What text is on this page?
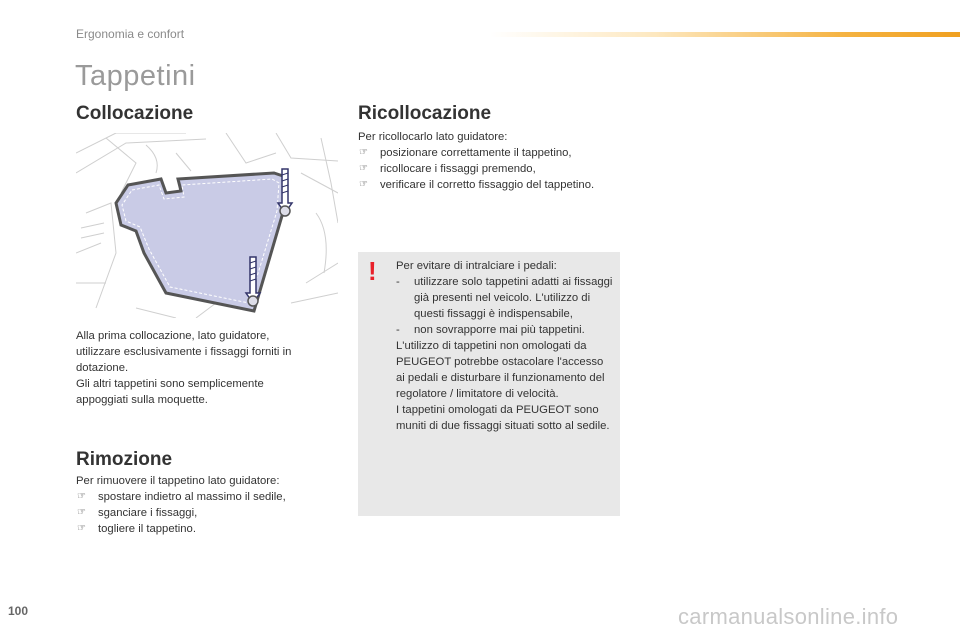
Ergonomia e confort
Tappetini
Collocazione

Alla prima collocazione, lato guidatore,

utilizzare esclusivamente i fissaggi forniti in

dotazione.

Gli altri tappetini sono semplicemente

appoggiati sulla moquette.

Rimozione

Per rimuovere il tappetino lato guidatore:

☞ spostare indietro al massimo il sedile,
☞ sganciare i fissaggi,
☞ togliere il tappetino.
Ricollocazione

Per ricollocarlo lato guidatore:

☞ posizionare correttamente il tappetino,
☞ ricollocare i fissaggi premendo,
☞ verificare il corretto fissaggio del tappetino.
! Per evitare di intralciare i pedali:

- utilizzare solo tappetini adatti ai fissaggi già presenti nel veicolo. L'utilizzo di questi fissaggi è indispensabile,
- non sovrapporre mai più tappetini.

L'utilizzo di tappetini non omologati da PEUGEOT potrebbe ostacolare l'accesso ai pedali e disturbare il funzionamento del regolatore / limitatore di velocità.

I tappetini omologati da PEUGEOT sono muniti di due fissaggi situati sotto al sedile.

100	carmanualsonline.info
